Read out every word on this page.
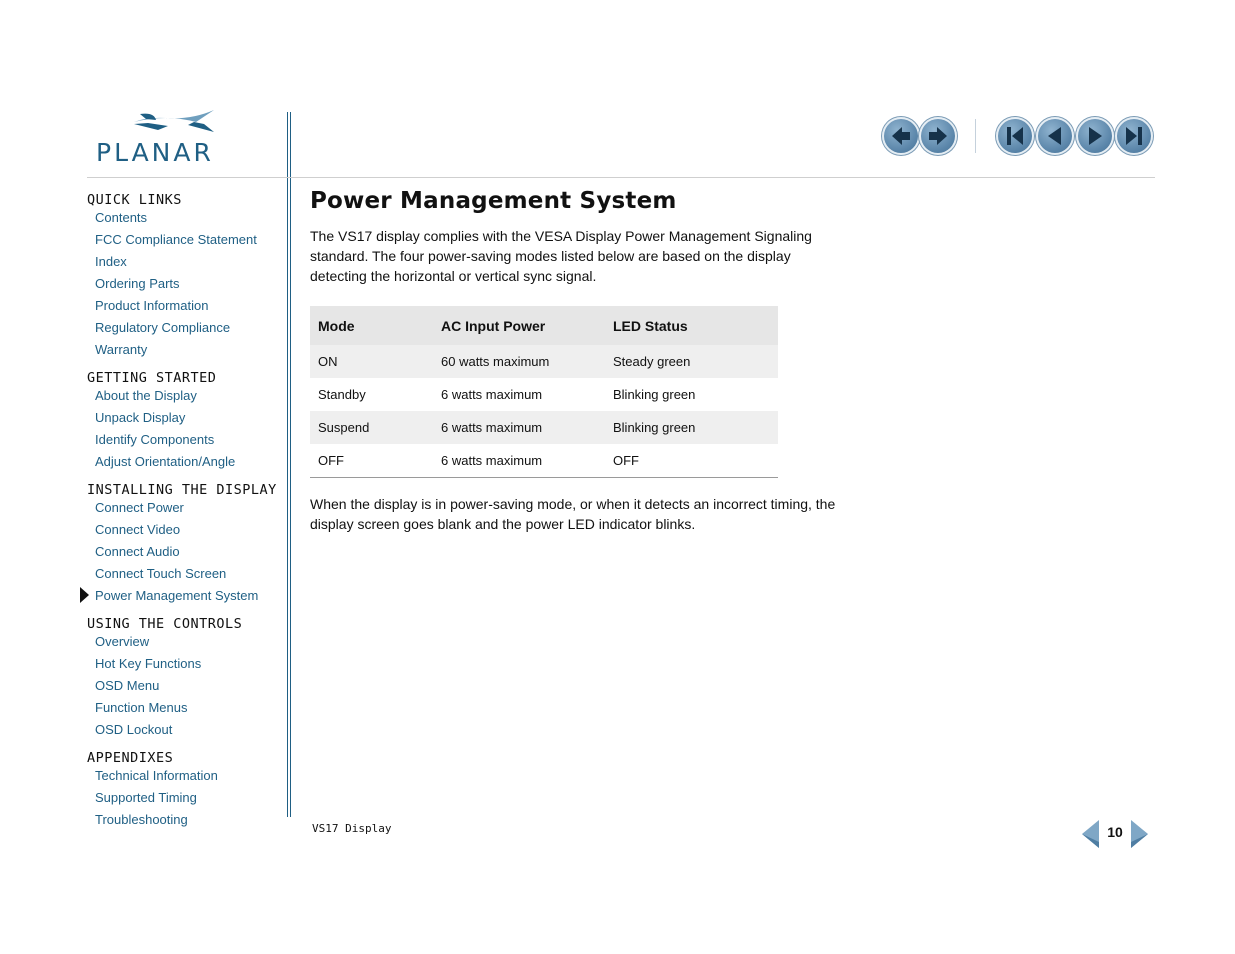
PLANAR
QUICK LINKS
Contents
FCC Compliance Statement
Index
Ordering Parts
Product Information
Regulatory Compliance
Warranty
GETTING STARTED
About the Display
Unpack Display
Identify Components
Adjust Orientation/Angle
INSTALLING THE DISPLAY
Connect Power
Connect Video
Connect Audio
Connect Touch Screen
Power Management System
USING THE CONTROLS
Overview
Hot Key Functions
OSD Menu
Function Menus
OSD Lockout
APPENDIXES
Technical Information
Supported Timing
Troubleshooting
Power Management System

The VS17 display complies with the VESA Display Power Management Signaling standard. The four power-saving modes listed below are based on the display detecting the horizontal or vertical sync signal.

Mode	AC Input Power	LED Status
ON	60 watts maximum	Steady green
Standby	6 watts maximum	Blinking green
Suspend	6 watts maximum	Blinking green
OFF	6 watts maximum	OFF

When the display is in power-saving mode, or when it detects an incorrect timing, the display screen goes blank and the power LED indicator blinks.

VS17 Display	10
